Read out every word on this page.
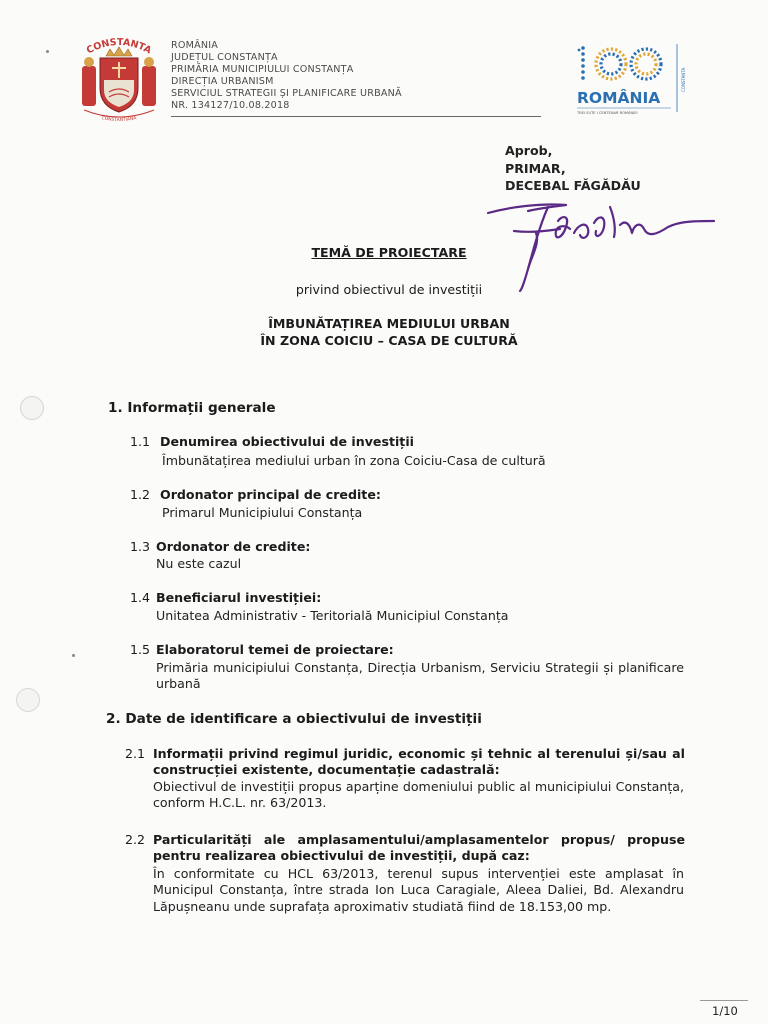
CONSTANTA
CONSTANTIANA
ROMÂNIA
JUDEȚUL CONSTANȚA
PRIMĂRIA MUNICIPIULUI CONSTANȚA
DIRECȚIA URBANISM
SERVICIUL STRATEGII ȘI PLANIFICARE URBANĂ
NR. 134127/10.08.2018	ROMÂNIA
TREI SUTE I CENTENAR ROMÂNIEI
CONSTANTA
Aprob,
PRIMAR,
DECEBAL FĂGĂDĂU
TEMĂ DE PROIECTARE
privind obiectivul de investiții
ÎMBUNĂTAȚIREA MEDIULUI URBAN
ÎN ZONA COICIU – CASA DE CULTURĂ
1. Informații generale
1.1 Denumirea obiectivului de investiții
Îmbunătațirea mediului urban în zona Coiciu-Casa de cultură
1.2 Ordonator principal de credite:
Primarul Municipiului Constanța
1.3 Ordonator de credite:
Nu este cazul
1.4 Beneficiarul investiției:
Unitatea Administrativ - Teritorială Municipiul Constanța
1.5 Elaboratorul temei de proiectare:
Primăria municipiului Constanța, Direcția Urbanism, Serviciu Strategii și planificare urbană
2. Date de identificare a obiectivului de investiții
2.1 Informații privind regimul juridic, economic și tehnic al terenului și/sau al construcției existente, documentație cadastrală:
Obiectivul de investiții propus aparține domeniului public al municipiului Constanța, conform H.C.L. nr. 63/2013.
2.2 Particularități ale amplasamentului/amplasamentelor propus/ propuse pentru realizarea obiectivului de investiții, după caz:
În conformitate cu HCL 63/2013, terenul supus intervenției este amplasat în Municipul Constanța, între strada Ion Luca Caragiale, Aleea Daliei, Bd. Alexandru Lăpușneanu unde suprafața aproximativ studiată fiind de 18.153,00 mp.
1/10
